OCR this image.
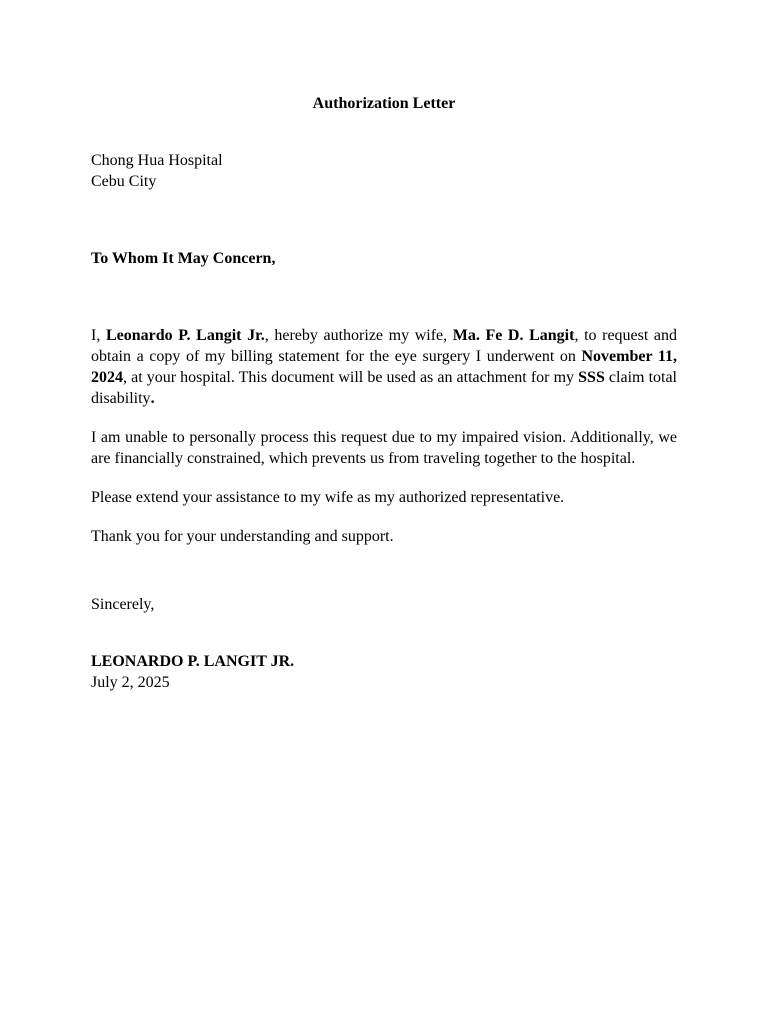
Authorization Letter
Chong Hua Hospital
Cebu City
To Whom It May Concern,

I, Leonardo P. Langit Jr., hereby authorize my wife, Ma. Fe D. Langit, to request and obtain a copy of my billing statement for the eye surgery I underwent on November 11, 2024, at your hospital. This document will be used as an attachment for my SSS claim total disability.

I am unable to personally process this request due to my impaired vision. Additionally, we are financially constrained, which prevents us from traveling together to the hospital.

Please extend your assistance to my wife as my authorized representative.

Thank you for your understanding and support.

Sincerely,
LEONARDO P. LANGIT JR.
July 2, 2025
